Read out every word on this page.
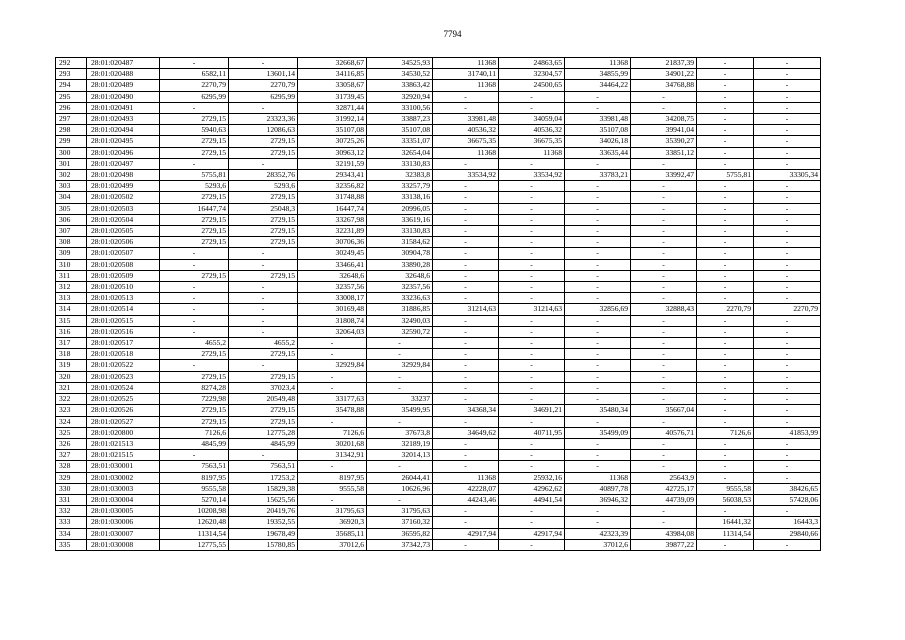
7794
292	28:01:020487	-	-	32668,67	34525,93	11368	24863,65	11368	21837,39	-	-
293	28:01:020488	6582,11	13601,14	34116,85	34530,52	31740,11	32304,57	34855,99	34901,22	-	-
294	28:01:020489	2270,79	2270,79	33058,67	33863,42	11368	24500,65	34464,22	34768,88	-	-
295	28:01:020490	6295,99	6295,99	31739,45	32920,94	-	-	-	-	-	-
296	28:01:020491	-	-	32871,44	33100,56	-	-	-	-	-	-
297	28:01:020493	2729,15	23323,36	31992,14	33887,23	33981,48	34059,04	33981,48	34208,75	-	-
298	28:01:020494	5940,63	12086,63	35107,08	35107,08	40536,32	40536,32	35107,08	39941,04	-	-
299	28:01:020495	2729,15	2729,15	30725,26	33351,07	36675,35	36675,35	34026,18	35390,27	-	-
300	28:01:020496	2729,15	2729,15	30963,12	32654,04	11368	11368	33635,44	33851,12	-	-
301	28:01:020497	-	-	32191,59	33130,83	-	-	-	-	-	-
302	28:01:020498	5755,81	28352,76	29343,41	32383,8	33534,92	33534,92	33783,21	33992,47	5755,81	33305,34
303	28:01:020499	5293,6	5293,6	32356,82	33257,79	-	-	-	-	-	-
304	28:01:020502	2729,15	2729,15	31748,88	33138,16	-	-	-	-	-	-
305	28:01:020503	16447,74	25048,3	16447,74	20996,05	-	-	-	-	-	-
306	28:01:020504	2729,15	2729,15	33267,98	33619,16	-	-	-	-	-	-
307	28:01:020505	2729,15	2729,15	32231,89	33130,83	-	-	-	-	-	-
308	28:01:020506	2729,15	2729,15	30706,36	31584,62	-	-	-	-	-	-
309	28:01:020507	-	-	30249,45	30904,78	-	-	-	-	-	-
310	28:01:020508	-	-	33466,41	33890,28	-	-	-	-	-	-
311	28:01:020509	2729,15	2729,15	32648,6	32648,6	-	-	-	-	-	-
312	28:01:020510	-	-	32357,56	32357,56	-	-	-	-	-	-
313	28:01:020513	-	-	33008,17	33236,63	-	-	-	-	-	-
314	28:01:020514	-	-	30169,48	31886,85	31214,63	31214,63	32856,69	32888,43	2270,79	2270,79
315	28:01:020515	-	-	31808,74	32490,03	-	-	-	-	-	-
316	28:01:020516	-	-	32064,03	32590,72	-	-	-	-	-	-
317	28:01:020517	4655,2	4655,2	-	-	-	-	-	-	-	-
318	28:01:020518	2729,15	2729,15	-	-	-	-	-	-	-	-
319	28:01:020522	-	-	32929,84	32929,84	-	-	-	-	-	-
320	28:01:020523	2729,15	2729,15	-	-	-	-	-	-	-	-
321	28:01:020524	8274,28	37023,4	-	-	-	-	-	-	-	-
322	28:01:020525	7229,98	20549,48	33177,63	33237	-	-	-	-	-	-
323	28:01:020526	2729,15	2729,15	35478,88	35499,95	34368,34	34691,21	35480,34	35667,04	-	-
324	28:01:020527	2729,15	2729,15	-	-	-	-	-	-	-	-
325	28:01:020800	7126,6	12775,28	7126,6	37673,8	34649,62	40711,95	35499,09	40576,71	7126,6	41853,99
326	28:01:021513	4845,99	4845,99	30201,68	32189,19	-	-	-	-	-	-
327	28:01:021515	-	-	31342,91	32014,13	-	-	-	-	-	-
328	28:01:030001	7563,51	7563,51	-	-	-	-	-	-	-	-
329	28:01:030002	8197,95	17253,2	8197,95	26044,41	11368	25932,16	11368	25643,9	-	-
330	28:01:030003	9555,58	15829,38	9555,58	10626,96	42228,07	42962,62	40897,78	42725,17	9555,58	38426,65
331	28:01:030004	5270,14	15625,56	-	-	44243,46	44941,54	36946,32	44739,09	56038,53	57428,06
332	28:01:030005	10208,98	20419,76	31795,63	31795,63	-	-	-	-	-	-
333	28:01:030006	12620,48	19352,55	36920,3	37160,32	-	-	-	-	16441,32	16443,3
334	28:01:030007	11314,54	19678,49	35685,11	36595,82	42917,94	42917,94	42323,39	43984,08	11314,54	29840,66
335	28:01:030008	12775,55	15780,85	37012,6	37342,73	-	-	37012,6	39877,22	-	-
